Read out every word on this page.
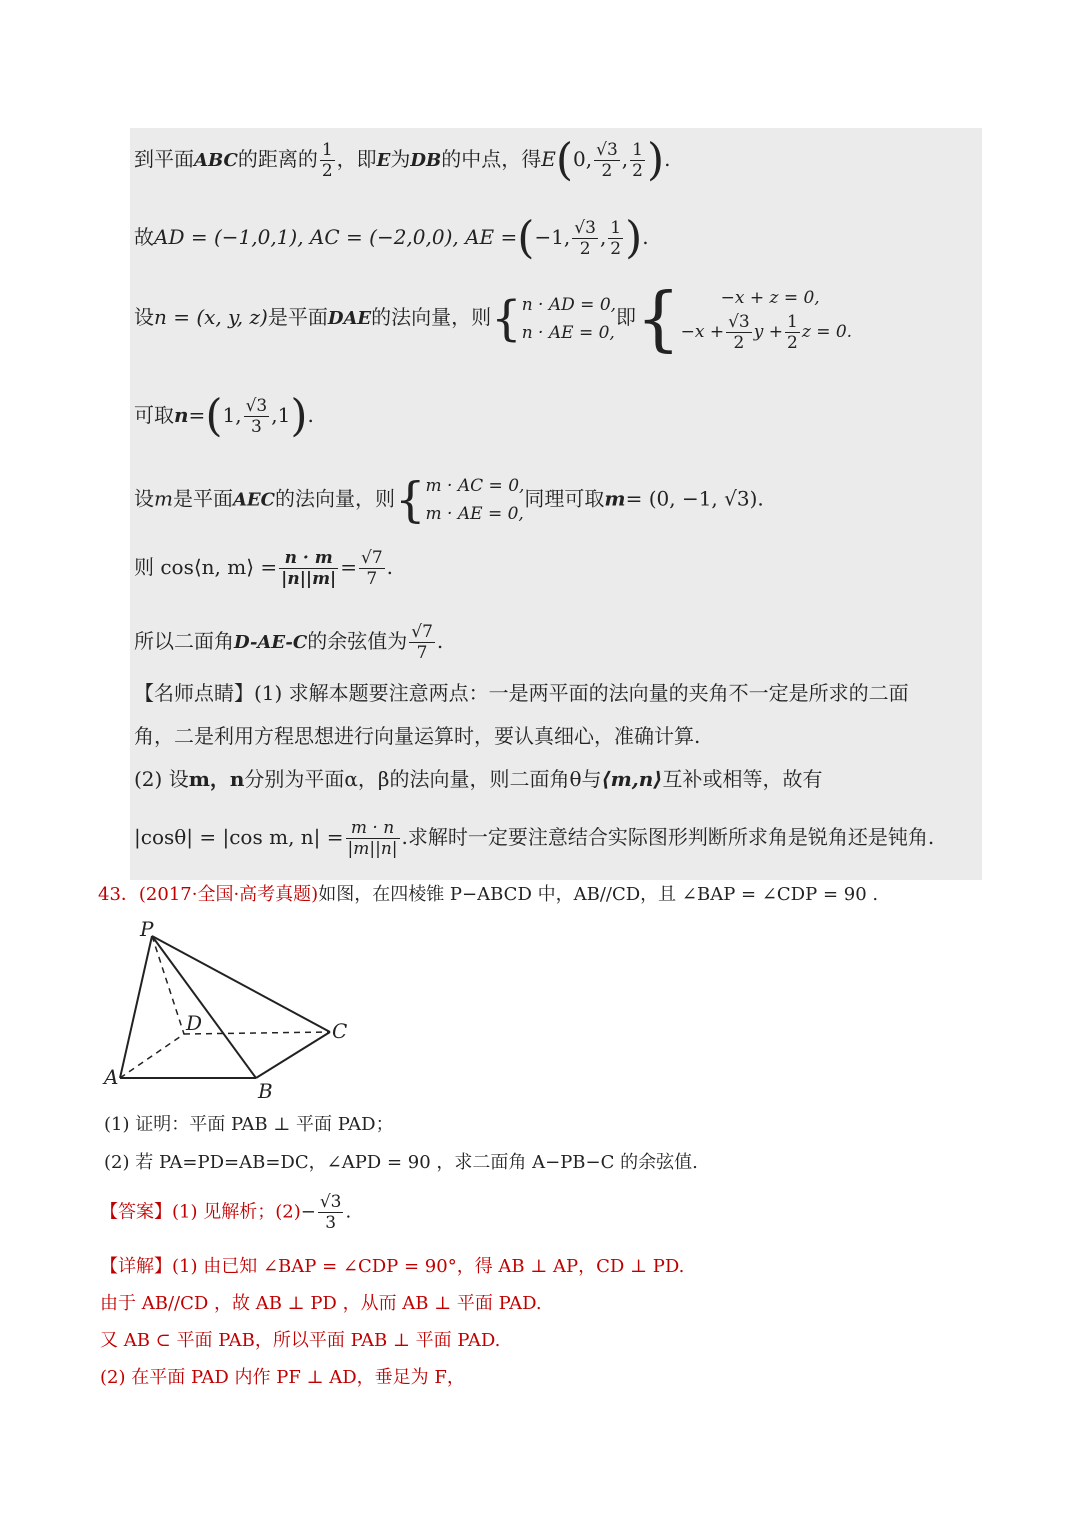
到平面ABC的距离的 $\frac{1}{2}$ ，即E为DB的中点，得E(0, $\frac{√3}{2}$ , $\frac{1}{2}$ ).
故AD = (−1,0,1), AC = (−2,0,0), AE =(−1, $\frac{√3}{2}$ , $\frac{1}{2}$ ).
设n = (x, y, z)是平面DAE的法向量，则{ n · AD = 0,
n · AE = 0,
即{	−x + z = 0,
$-x + \frac{√3}{2}$ $y + \frac{1}{2}$ z = 0.
可取n=(1, $\frac{√3}{3} ,1$).
设m是平面AEC的法向量，则{ m · AC = 0,
m · AE = 0,
同理可取m= (0, −1, √3).
则 cos⟨n, m⟩ = $\frac{n \cdot m}{|n||m|} = \frac{√7}{7}$ .
所以二面角D-AE-C的余弦值为 $\frac{√7}{7}$ .
【名师点睛】(1) 求解本题要注意两点：一是两平面的法向量的夹角不一定是所求的二面
角，二是利用方程思想进行向量运算时，要认真细心，准确计算.
(2) 设m，n分别为平面α，β的法向量，则二面角θ与⟨m,n⟩互补或相等，故有
|cosθ| = |cos m, $n| = \frac{m \cdot n}{|m||n|}$ .求解时一定要注意结合实际图形判断所求角是锐角还是钝角.
43．(2017·全国·高考真题)如图，在四棱锥 P−ABCD 中，AB//CD，且 ∠BAP = ∠CDP = 90 .
P
D	C
A
B
(1) 证明：平面 PAB ⊥ 平面 PAD；
(2) 若 PA=PD=AB=DC，∠APD = 90 ，求二面角 A−PB−C 的余弦值.
【答案】(1) 见解析；$(2)- \frac{√3}{3}$ .
【详解】(1) 由已知 ∠BAP = ∠CDP = 90°，得 AB ⊥ AP，CD ⊥ PD.
由于 AB//CD ，故 AB ⊥ PD ，从而 AB ⊥ 平面 PAD.
又 AB ⊂ 平面 PAB，所以平面 PAB ⊥ 平面 PAD.
(2) 在平面 PAD 内作 PF ⊥ AD，垂足为 F，
